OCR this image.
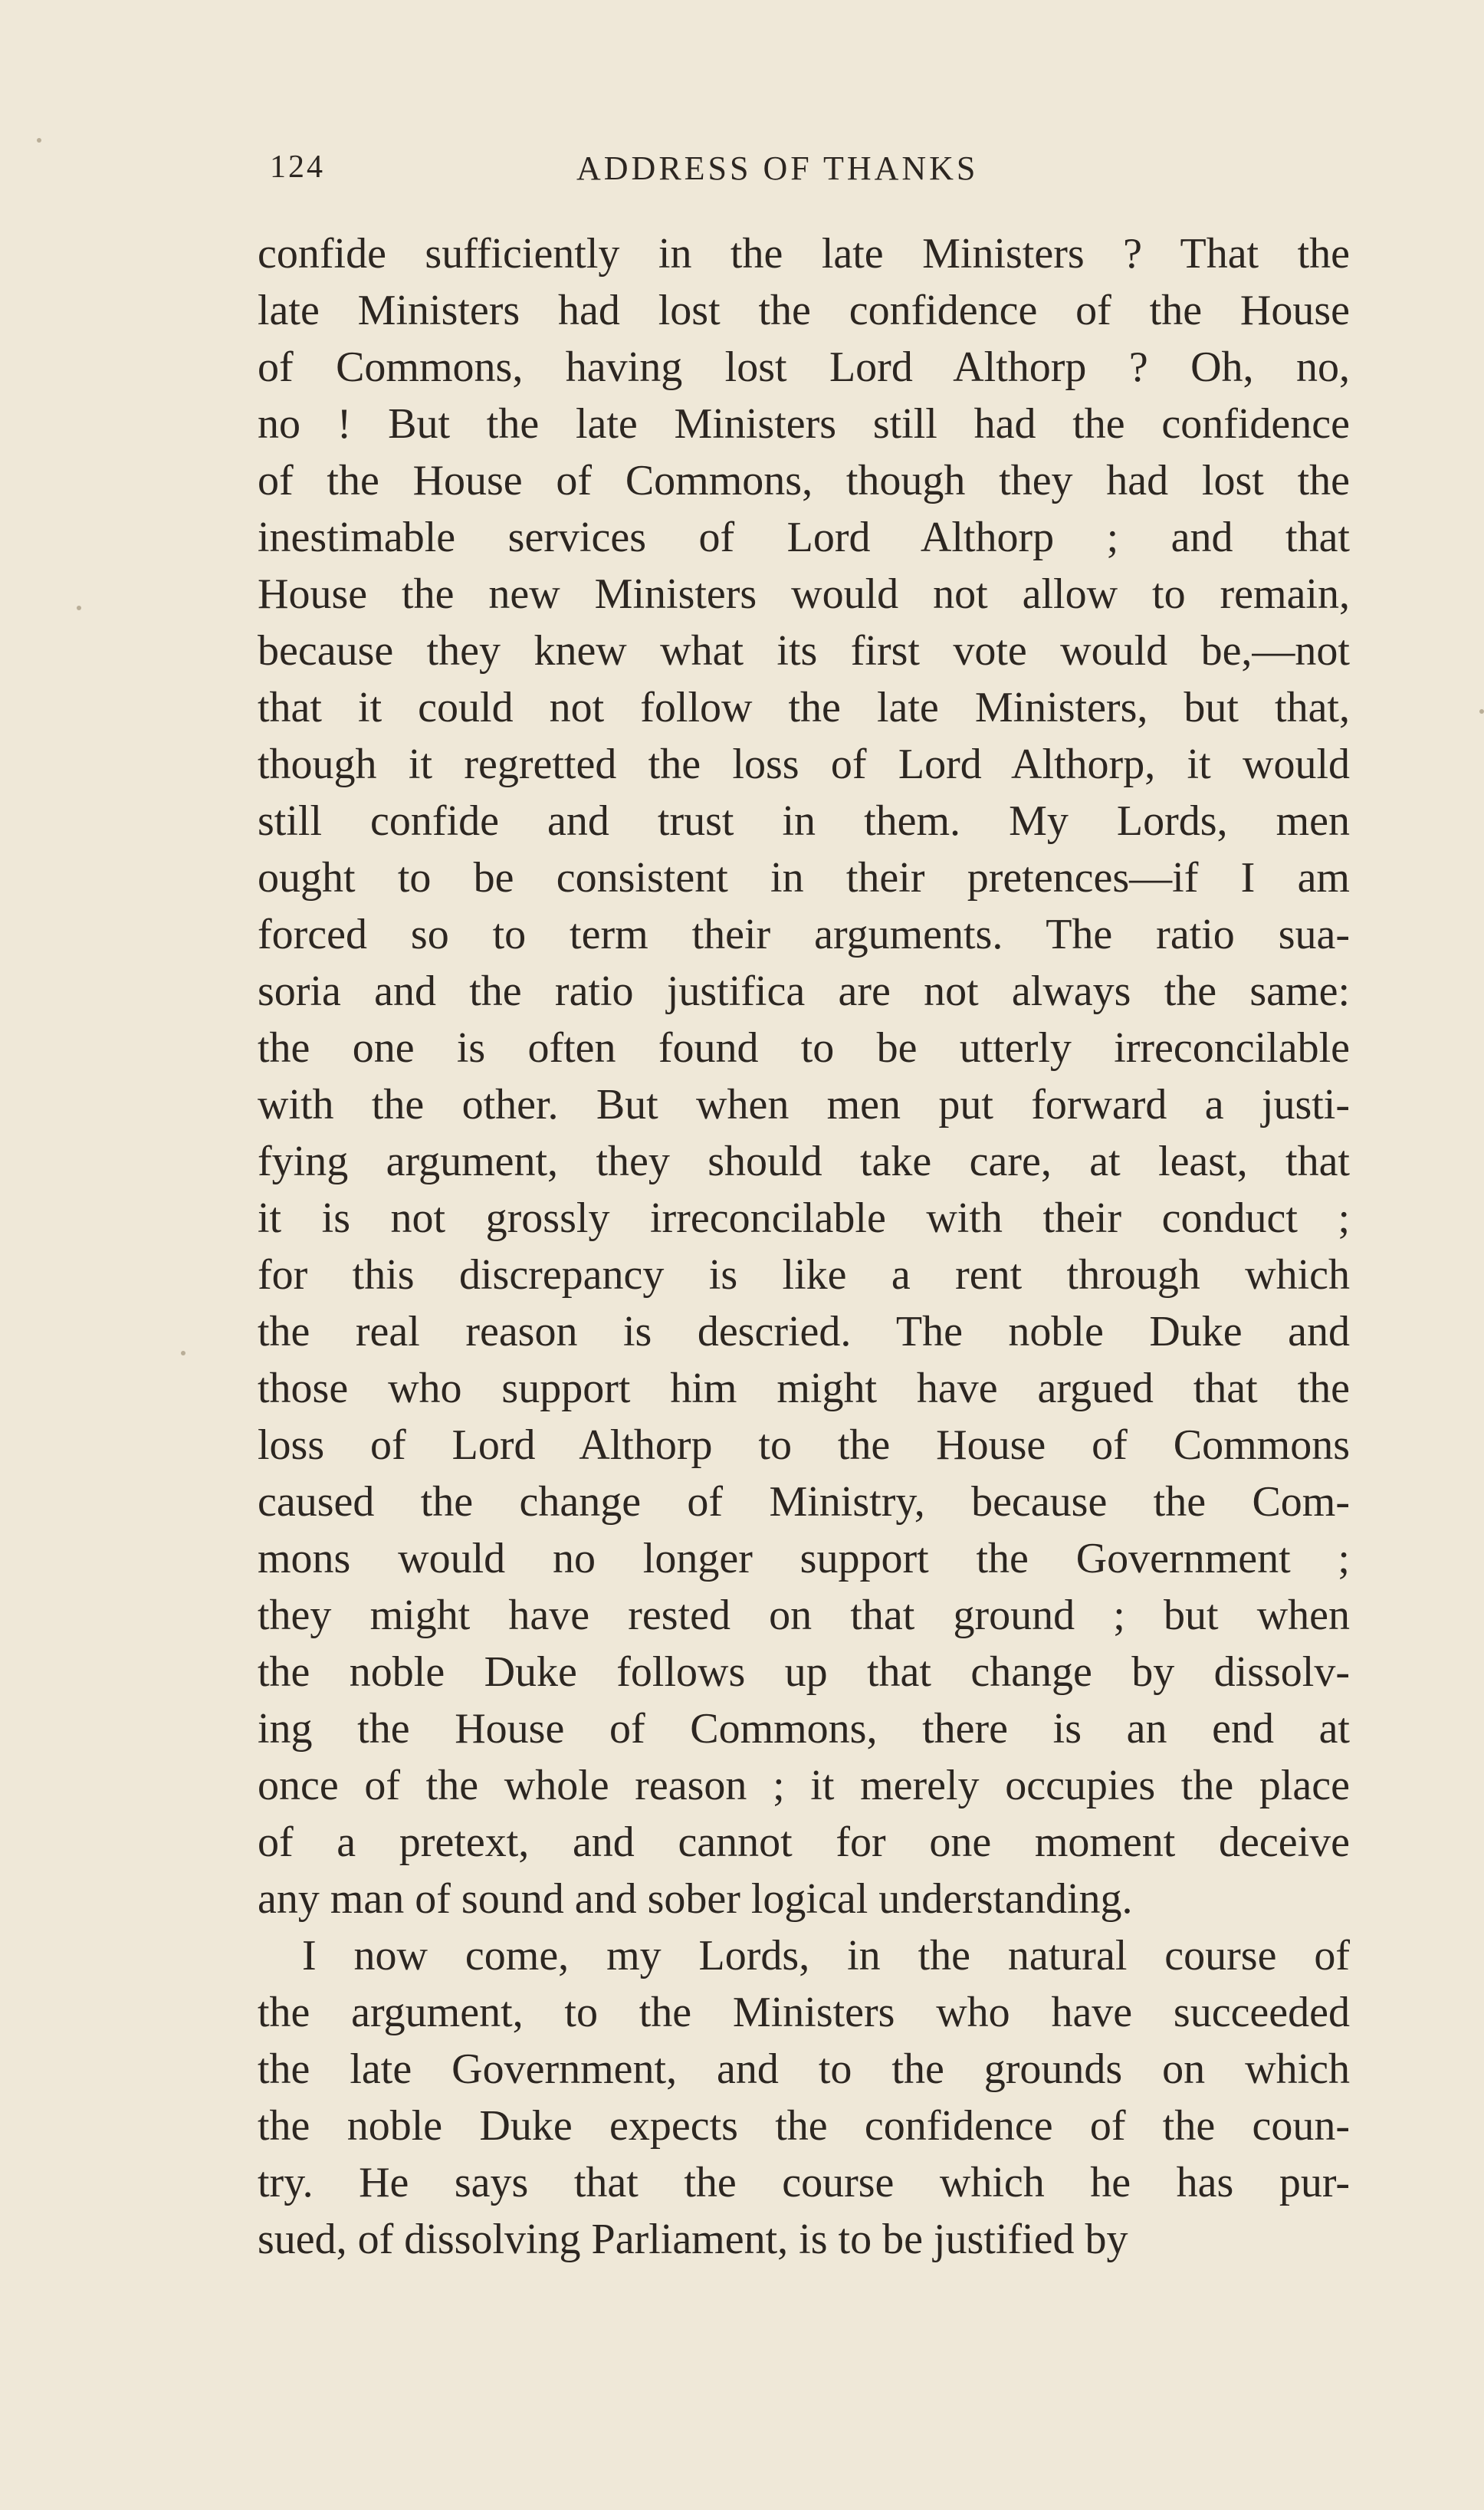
124	ADDRESS OF THANKS
confide sufficiently in the late Ministers ? That the
late Ministers had lost the confidence of the House
of Commons, having lost Lord Althorp ? Oh, no,
no ! But the late Ministers still had the confidence
of the House of Commons, though they had lost the
inestimable services of Lord Althorp ; and that
House the new Ministers would not allow to remain,
because they knew what its first vote would be,—not
that it could not follow the late Ministers, but that,
though it regretted the loss of Lord Althorp, it would
still confide and trust in them. My Lords, men
ought to be consistent in their pretences—if I am
forced so to term their arguments. The ratio sua-
soria and the ratio justifica are not always the same:
the one is often found to be utterly irreconcilable
with the other. But when men put forward a justi-
fying argument, they should take care, at least, that
it is not grossly irreconcilable with their conduct ;
for this discrepancy is like a rent through which
the real reason is descried. The noble Duke and
those who support him might have argued that the
loss of Lord Althorp to the House of Commons
caused the change of Ministry, because the Com-
mons would no longer support the Government ;
they might have rested on that ground ; but when
the noble Duke follows up that change by dissolv-
ing the House of Commons, there is an end at
once of the whole reason ; it merely occupies the place
of a pretext, and cannot for one moment deceive
any man of sound and sober logical understanding.
I now come, my Lords, in the natural course of
the argument, to the Ministers who have succeeded
the late Government, and to the grounds on which
the noble Duke expects the confidence of the coun-
try. He says that the course which he has pur-
sued, of dissolving Parliament, is to be justified by
